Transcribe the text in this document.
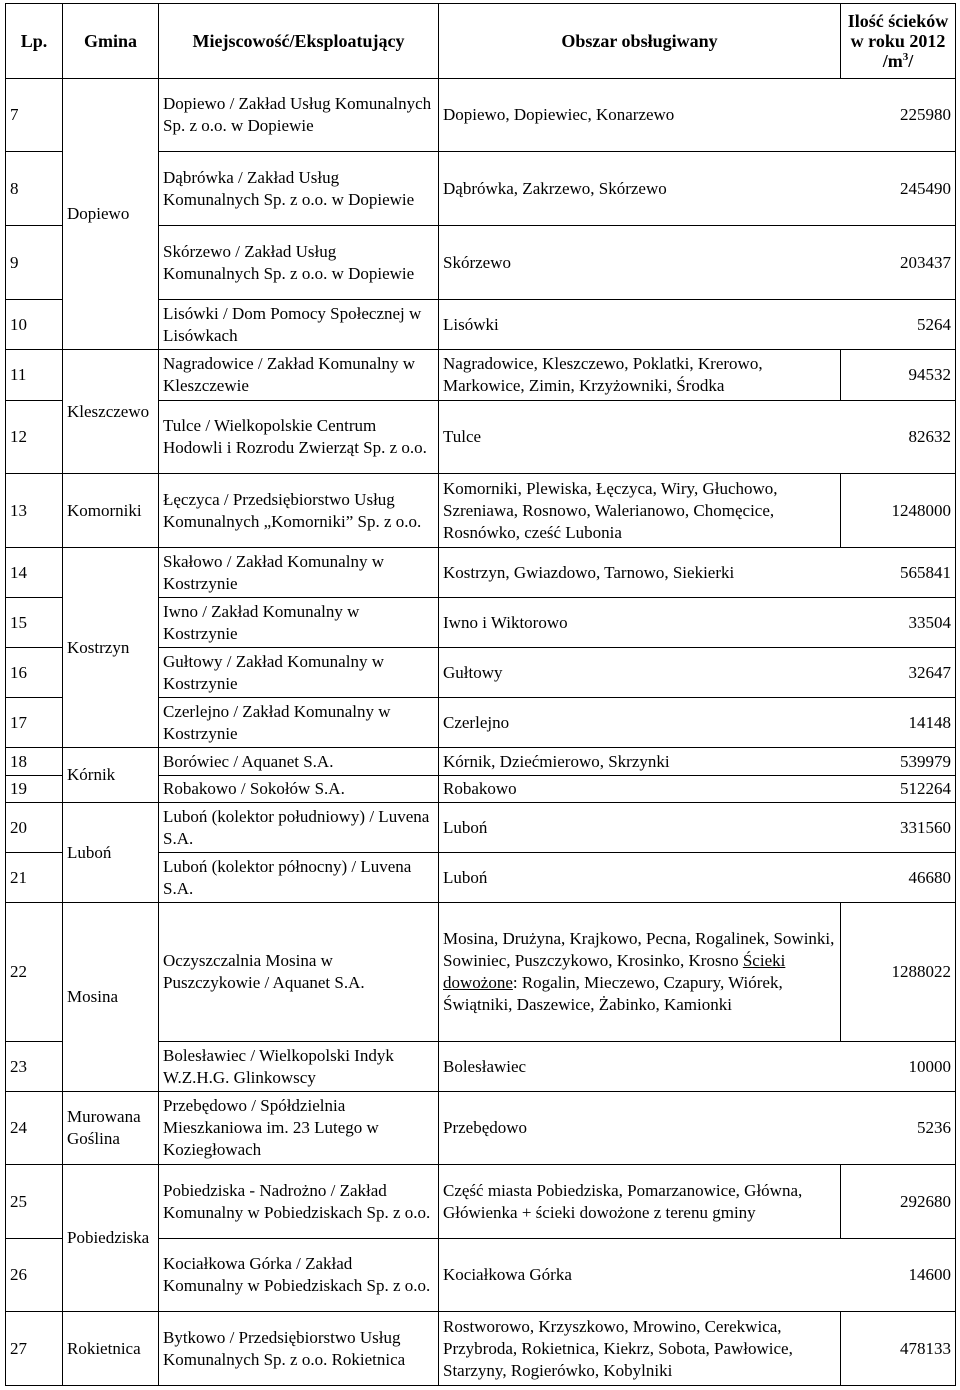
Lp.	Gmina	Miejscowość/Eksploatujący	Obszar obsługiwany	Ilość ścieków
w roku 2012
$/m^3/$

7	Dopiewo	Dopiewo / Zakład Usług Komunalnych Sp. z o.o. w Dopiewie	Dopiewo, Dopiewiec, Konarzewo 225980	

8		Dąbrówka / Zakład Usług Komunalnych Sp. z o.o. w Dopiewie	Dąbrówka, Zakrzewo, Skórzewo 245490	

9		Skórzewo / Zakład Usług Komunalnych Sp. z o.o. w Dopiewie	Skórzewo 203437	

10		Lisówki / Dom Pomocy Społecznej w Lisówkach	Lisówki 5264	

11	Kleszczewo	Nagradowice / Zakład Komunalny w Kleszczewie	Nagradowice, Kleszczewo, Poklatki, Krerowo, Markowice, Zimin, Krzyżowniki, Środka	94532
12		Tulce / Wielkopolskie Centrum Hodowli i Rozrodu Zwierząt Sp. z o.o.	Tulce 82632	

13	Komorniki	Łęczyca / Przedsiębiorstwo Usług Komunalnych „Komorniki” Sp. z o.o.	Komorniki, Plewiska, Łęczyca, Wiry, Głuchowo, Szreniawa, Rosnowo, Walerianowo, Chomęcice, Rosnówko, cześć Lubonia	1248000
14	Kostrzyn	Skałowo / Zakład Komunalny w Kostrzynie	Kostrzyn, Gwiazdowo, Tarnowo, Siekierki 565841	

15		Iwno / Zakład Komunalny w Kostrzynie	Iwno i Wiktorowo 33504	

16		Gułtowy / Zakład Komunalny w Kostrzynie	Gułtowy 32647	

17		Czerlejno / Zakład Komunalny w Kostrzynie	Czerlejno 14148	

18	Kórnik	Borówiec / Aquanet S.A.	Kórnik, Dziećmierowo, Skrzynki 539979	

19		Robakowo / Sokołów S.A.	Robakowo 512264	

20	Luboń	Luboń (kolektor południowy) / Luvena S.A.	Luboń 331560	

21		Luboń (kolektor północny) / Luvena S.A.	Luboń 46680	

22	Mosina	Oczyszczalnia Mosina w Puszczykowie / Aquanet S.A.	Mosina, Drużyna, Krajkowo, Pecna, Rogalinek, Sowinki, Sowiniec, Puszczykowo, Krosinko, Krosno Ścieki dowożone: Rogalin, Mieczewo, Czapury, Wiórek, Świątniki, Daszewice, Żabinko, Kamionki	1288022
23		Bolesławiec / Wielkopolski Indyk W.Z.H.G. Glinkowscy	Bolesławiec 10000	

24	Murowana Goślina	Przebędowo / Spółdzielnia Mieszkaniowa im. 23 Lutego w Koziegłowach	Przebędowo 5236	

25	Pobiedziska	Pobiedziska - Nadrożno / Zakład Komunalny w Pobiedziskach Sp. z o.o.	Część miasta Pobiedziska, Pomarzanowice, Główna, Główienka + ścieki dowożone z terenu gminy	292680
26		Kociałkowa Górka / Zakład Komunalny w Pobiedziskach Sp. z o.o.	Kociałkowa Górka 14600	

27	Rokietnica	Bytkowo / Przedsiębiorstwo Usług Komunalnych Sp. z o.o. Rokietnica	Rostworowo, Krzyszkowo, Mrowino, Cerekwica, Przybroda, Rokietnica, Kiekrz, Sobota, Pawłowice, Starzyny, Rogierówko, Kobylniki	478133
